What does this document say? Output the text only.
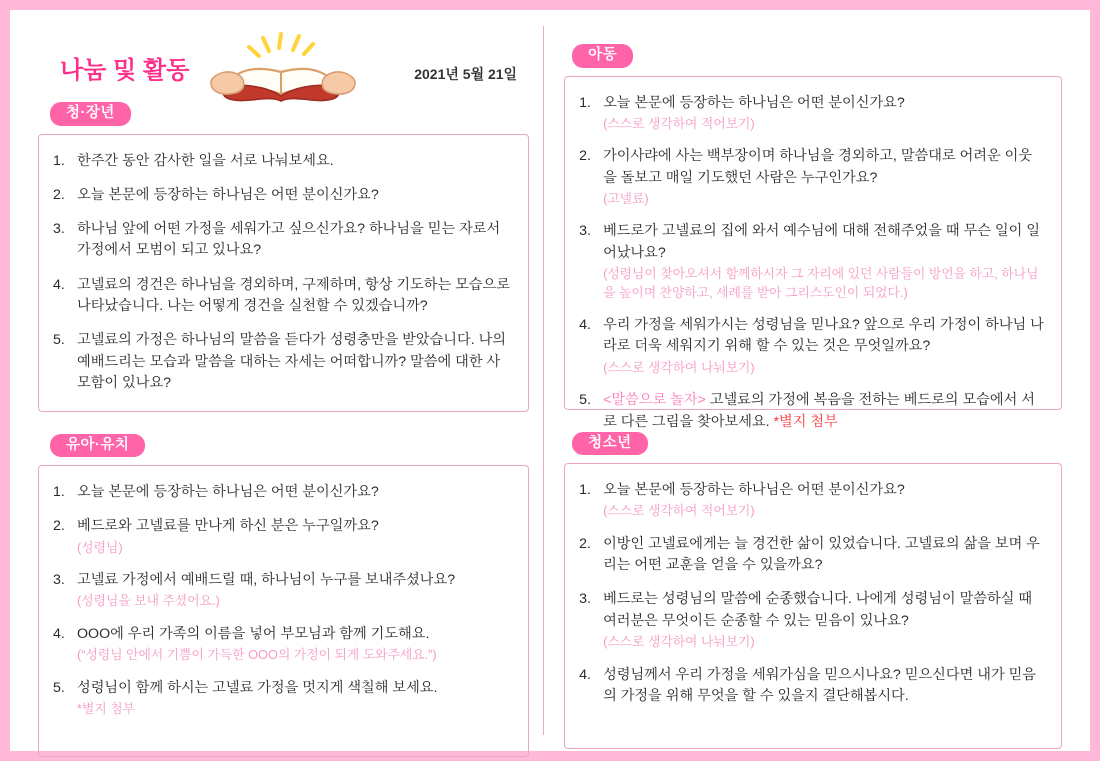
나눔 및 활동	2021년 5월 21일
청·장년
한주간 동안 감사한 일을 서로 나눠보세요.
오늘 본문에 등장하는 하나님은 어떤 분이신가요?
하나님 앞에 어떤 가정을 세워가고 싶으신가요? 하나님을 믿는 자로서 가정에서 모범이 되고 있나요?
고넬료의 경건은 하나님을 경외하며, 구제하며, 항상 기도하는 모습으로 나타났습니다. 나는 어떻게 경건을 실천할 수 있겠습니까?
고넬료의 가정은 하나님의 말씀을 듣다가 성령충만을 받았습니다. 나의 예배드리는 모습과 말씀을 대하는 자세는 어떠합니까? 말씀에 대한 사모함이 있나요?
유아·유치
오늘 본문에 등장하는 하나님은 어떤 분이신가요?
베드로와 고넬료를 만나게 하신 분은 누구일까요?
(성령님)
고넬료 가정에서 예배드릴 때, 하나님이 누구를 보내주셨나요?
(성령님을 보내 주셨어요.)
OOO에 우리 가족의 이름을 넣어 부모님과 함께 기도해요.
(“성령님 안에서 기쁨이 가득한 OOO의 가정이 되게 도와주세요.”)
성령님이 함께 하시는 고넬료 가정을 멋지게 색칠해 보세요.
*별지 첨부
아동
오늘 본문에 등장하는 하나님은 어떤 분이신가요?
(스스로 생각하여 적어보기)
가이사랴에 사는 백부장이며 하나님을 경외하고, 말씀대로 어려운 이웃을 돌보고 매일 기도했던 사람은 누구인가요?
(고넬료)
베드로가 고넬료의 집에 와서 예수님에 대해 전해주었을 때 무슨 일이 일어났나요?
(성령님이 찾아오셔서 함께하시자 그 자리에 있던 사람들이 방언을 하고, 하나님을 높이며 찬양하고, 세례를 받아 그리스도인이 되었다.)
우리 가정을 세워가시는 성령님을 믿나요? 앞으로 우리 가정이 하나님 나라로 더욱 세워지기 위해 할 수 있는 것은 무엇일까요?
(스스로 생각하여 나눠보기)
<말씀으로 놀자> 고넬료의 가정에 복음을 전하는 베드로의 모습에서 서로 다른 그림을 찾아보세요. *별지 첨부
청소년
오늘 본문에 등장하는 하나님은 어떤 분이신가요?
(스스로 생각하여 적어보기)
이방인 고넬료에게는 늘 경건한 삶이 있었습니다. 고넬료의 삶을 보며 우리는 어떤 교훈을 얻을 수 있을까요?
베드로는 성령님의 말씀에 순종했습니다. 나에게 성령님이 말씀하실 때 여러분은 무엇이든 순종할 수 있는 믿음이 있나요?
(스스로 생각하여 나눠보기)
성령님께서 우리 가정을 세워가심을 믿으시나요? 믿으신다면 내가 믿음의 가정을 위해 무엇을 할 수 있을지 결단해봅시다.
